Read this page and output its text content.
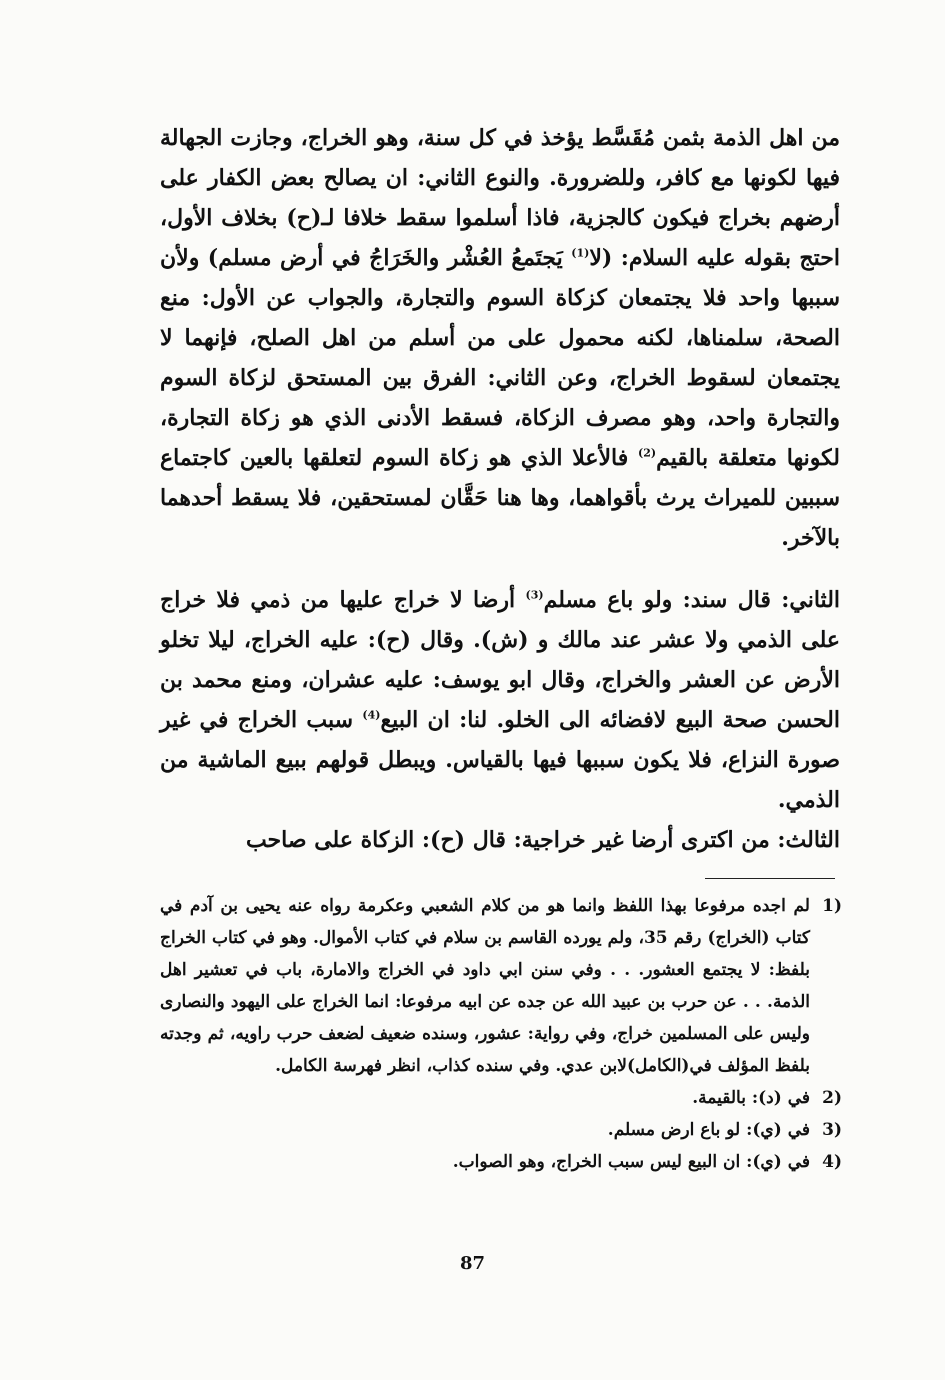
من اهل الذمة بثمن مُقَسَّط يؤخذ في كل سنة، وهو الخراج، وجازت الجهالة فيها لكونها مع كافر، وللضرورة. والنوع الثاني: ان يصالح بعض الكفار على أرضهم بخراج فيكون كالجزية، فاذا أسلموا سقط خلافا لـ(ح) بخلاف الأول، احتج بقوله عليه السلام: (لا$^{(1)}$ يَجتَمعُ العُشْر والخَرَاجُ في أرض مسلم) ولأن سببها واحد فلا يجتمعان كزكاة السوم والتجارة، والجواب عن الأول: منع الصحة، سلمناها، لكنه محمول على من أسلم من اهل الصلح، فإنهما لا يجتمعان لسقوط الخراج، وعن الثاني: الفرق بين المستحق لزكاة السوم والتجارة واحد، وهو مصرف الزكاة، فسقط الأدنى الذي هو زكاة التجارة، لكونها متعلقة بالقيم$^{(2)}$ فالأعلا الذي هو زكاة السوم لتعلقها بالعين كاجتماع سببين للميراث يرث بأقواهما، وها هنا حَقَّان لمستحقين، فلا يسقط أحدهما بالآخر.

الثاني: قال سند: ولو باع مسلم$^{(3)}$ أرضا لا خراج عليها من ذمي فلا خراج على الذمي ولا عشر عند مالك و (ش). وقال (ح): عليه الخراج، ليلا تخلو الأرض عن العشر والخراج، وقال ابو يوسف: عليه عشران، ومنع محمد بن الحسن صحة البيع لافضائه الى الخلو. لنا: ان البيع$^{(4)}$ سبب الخراج في غير صورة النزاع، فلا يكون سببها فيها بالقياس. ويبطل قولهم ببيع الماشية من الذمي.

الثالث: من اكترى أرضا غير خراجية: قال (ح): الزكاة على صاحب

1)
لم اجده مرفوعا بهذا اللفظ وانما هو من كلام الشعبي وعكرمة رواه عنه يحيى بن آدم في كتاب (الخراج) رقم 35، ولم يورده القاسم بن سلام في كتاب الأموال. وهو في كتاب الخراج بلفظ: لا يجتمع العشور. . . وفي سنن ابي داود في الخراج والامارة، باب في تعشير اهل الذمة. . . عن حرب بن عبيد الله عن جده عن ابيه مرفوعا: انما الخراج على اليهود والنصارى وليس على المسلمين خراج، وفي رواية: عشور، وسنده ضعيف لضعف حرب راويه، ثم وجدته بلفظ المؤلف في(الكامل)لابن عدي. وفي سنده كذاب، انظر فهرسة الكامل.
2)
في (د): بالقيمة.
3)
في (ي): لو باع ارض مسلم.
4)
في (ي): ان البيع ليس سبب الخراج، وهو الصواب.
87
